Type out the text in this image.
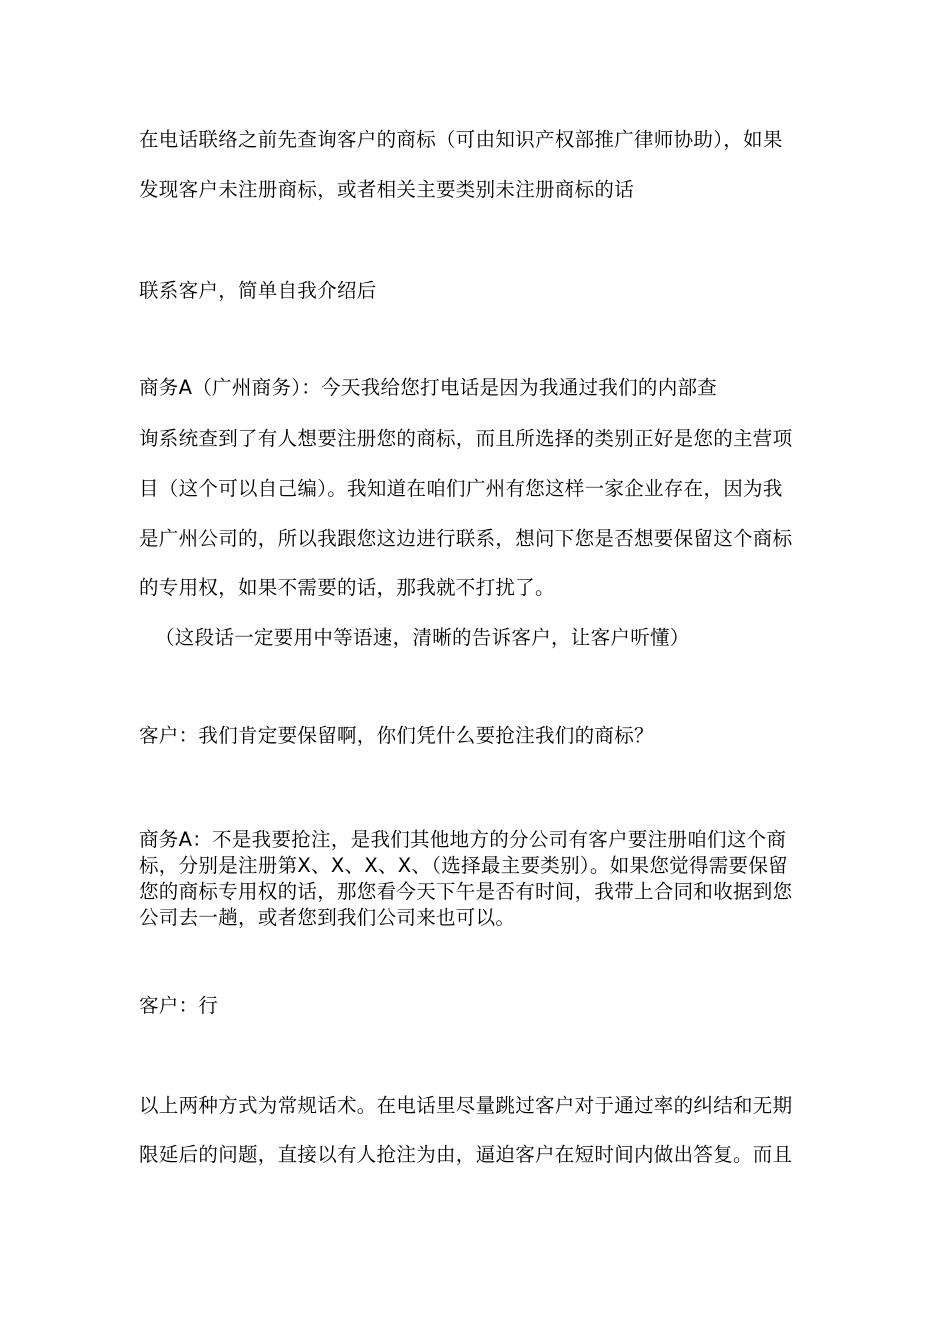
在电话联络之前先查询客户的商标（可由知识产权部推广律师协助），如果

发现客户未注册商标，或者相关主要类别未注册商标的话

联系客户，简单自我介绍后

商务A（广州商务）：今天我给您打电话是因为我通过我们的内部查

询系统查到了有人想要注册您的商标，而且所选择的类别正好是您的主营项

目（这个可以自己编）。我知道在咱们广州有您这样一家企业存在，因为我

是广州公司的，所以我跟您这边进行联系，想问下您是否想要保留这个商标

的专用权，如果不需要的话，那我就不打扰了。

（这段话一定要用中等语速，清晰的告诉客户，让客户听懂）

客户：我们肯定要保留啊，你们凭什么要抢注我们的商标？

商务A：不是我要抢注，是我们其他地方的分公司有客户要注册咱们这个商

标，分别是注册第X、X、X、X、（选择最主要类别）。如果您觉得需要保留

您的商标专用权的话，那您看今天下午是否有时间，我带上合同和收据到您

公司去一趟，或者您到我们公司来也可以。

客户：行

以上两种方式为常规话术。在电话里尽量跳过客户对于通过率的纠结和无期

限延后的问题，直接以有人抢注为由，逼迫客户在短时间内做出答复。而且
